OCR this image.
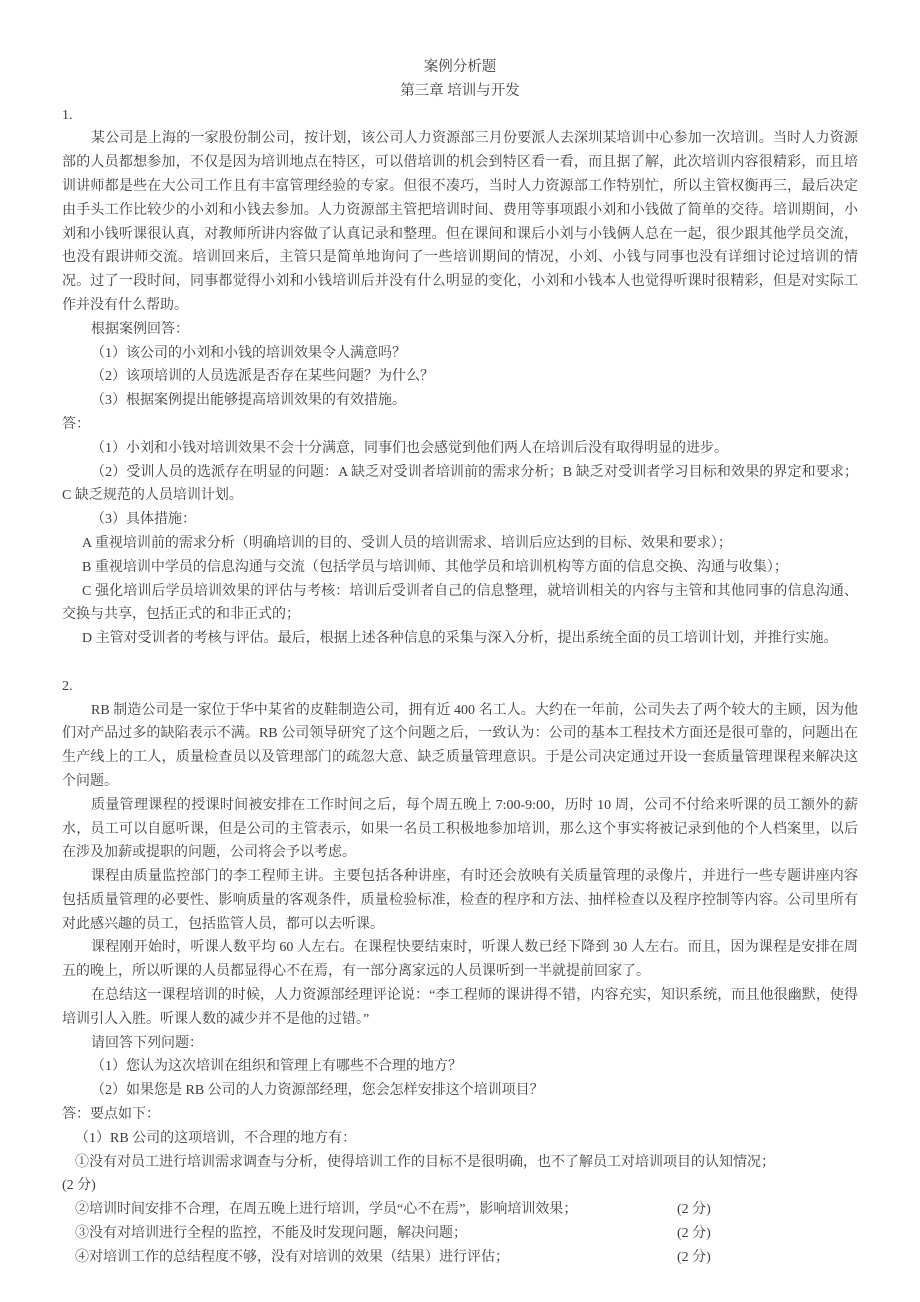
案例分析题

第三章 培训与开发

1.

某公司是上海的一家股份制公司，按计划，该公司人力资源部三月份要派人去深圳某培训中心参加一次培训。当时人力资源部的人员都想参加，不仅是因为培训地点在特区，可以借培训的机会到特区看一看，而且据了解，此次培训内容很精彩，而且培训讲师都是些在大公司工作且有丰富管理经验的专家。但很不凑巧，当时人力资源部工作特别忙，所以主管权衡再三，最后决定由手头工作比较少的小刘和小钱去参加。人力资源部主管把培训时间、费用等事项跟小刘和小钱做了简单的交待。培训期间，小刘和小钱听课很认真，对教师所讲内容做了认真记录和整理。但在课间和课后小刘与小钱俩人总在一起，很少跟其他学员交流，也没有跟讲师交流。培训回来后，主管只是简单地询问了一些培训期间的情况，小刘、小钱与同事也没有详细讨论过培训的情况。过了一段时间，同事都觉得小刘和小钱培训后并没有什么明显的变化，小刘和小钱本人也觉得听课时很精彩，但是对实际工作并没有什么帮助。

根据案例回答：

（1）该公司的小刘和小钱的培训效果令人满意吗？

（2）该项培训的人员选派是否存在某些问题？为什么？

（3）根据案例提出能够提高培训效果的有效措施。

答：

（1）小刘和小钱对培训效果不会十分满意，同事们也会感觉到他们两人在培训后没有取得明显的进步。

（2）受训人员的选派存在明显的问题：A 缺乏对受训者培训前的需求分析；B 缺乏对受训者学习目标和效果的界定和要求；C 缺乏规范的人员培训计划。

（3）具体措施：

A 重视培训前的需求分析（明确培训的目的、受训人员的培训需求、培训后应达到的目标、效果和要求）；

B 重视培训中学员的信息沟通与交流（包括学员与培训师、其他学员和培训机构等方面的信息交换、沟通与收集）；

C 强化培训后学员培训效果的评估与考核：培训后受训者自己的信息整理，就培训相关的内容与主管和其他同事的信息沟通、交换与共享，包括正式的和非正式的；

D 主管对受训者的考核与评估。最后，根据上述各种信息的采集与深入分析，提出系统全面的员工培训计划，并推行实施。

2.

RB 制造公司是一家位于华中某省的皮鞋制造公司，拥有近 400 名工人。大约在一年前，公司失去了两个较大的主顾，因为他们对产品过多的缺陷表示不满。RB 公司领导研究了这个问题之后，一致认为：公司的基本工程技术方面还是很可靠的，问题出在生产线上的工人，质量检查员以及管理部门的疏忽大意、缺乏质量管理意识。于是公司决定通过开设一套质量管理课程来解决这个问题。

质量管理课程的授课时间被安排在工作时间之后，每个周五晚上 7:00-9:00，历时 10 周，公司不付给来听课的员工额外的薪水，员工可以自愿听课，但是公司的主管表示，如果一名员工积极地参加培训，那么这个事实将被记录到他的个人档案里，以后在涉及加薪或提职的问题，公司将会予以考虑。

课程由质量监控部门的李工程师主讲。主要包括各种讲座，有时还会放映有关质量管理的录像片，并进行一些专题讲座内容包括质量管理的必要性、影响质量的客观条件，质量检验标准，检查的程序和方法、抽样检查以及程序控制等内容。公司里所有对此感兴趣的员工，包括监管人员，都可以去听课。

课程刚开始时，听课人数平均 60 人左右。在课程快要结束时，听课人数已经下降到 30 人左右。而且，因为课程是安排在周五的晚上，所以听课的人员都显得心不在焉，有一部分离家远的人员课听到一半就提前回家了。

在总结这一课程培训的时候，人力资源部经理评论说：“李工程师的课讲得不错，内容充实，知识系统，而且他很幽默，使得培训引人入胜。听课人数的减少并不是他的过错。”

请回答下列问题：

（1）您认为这次培训在组织和管理上有哪些不合理的地方？

（2）如果您是 RB 公司的人力资源部经理，您会怎样安排这个培训项目？

答：要点如下：

（1）RB 公司的这项培训，不合理的地方有：

①没有对员工进行培训需求调查与分析，使得培训工作的目标不是很明确，也不了解员工对培训项目的认知情况；

(2 分)

②培训时间安排不合理，在周五晚上进行培训，学员“心不在焉”，影响培训效果；	(2 分)

③没有对培训进行全程的监控，不能及时发现问题，解决问题；	(2 分)

④对培训工作的总结程度不够，没有对培训的效果（结果）进行评估；	(2 分)
